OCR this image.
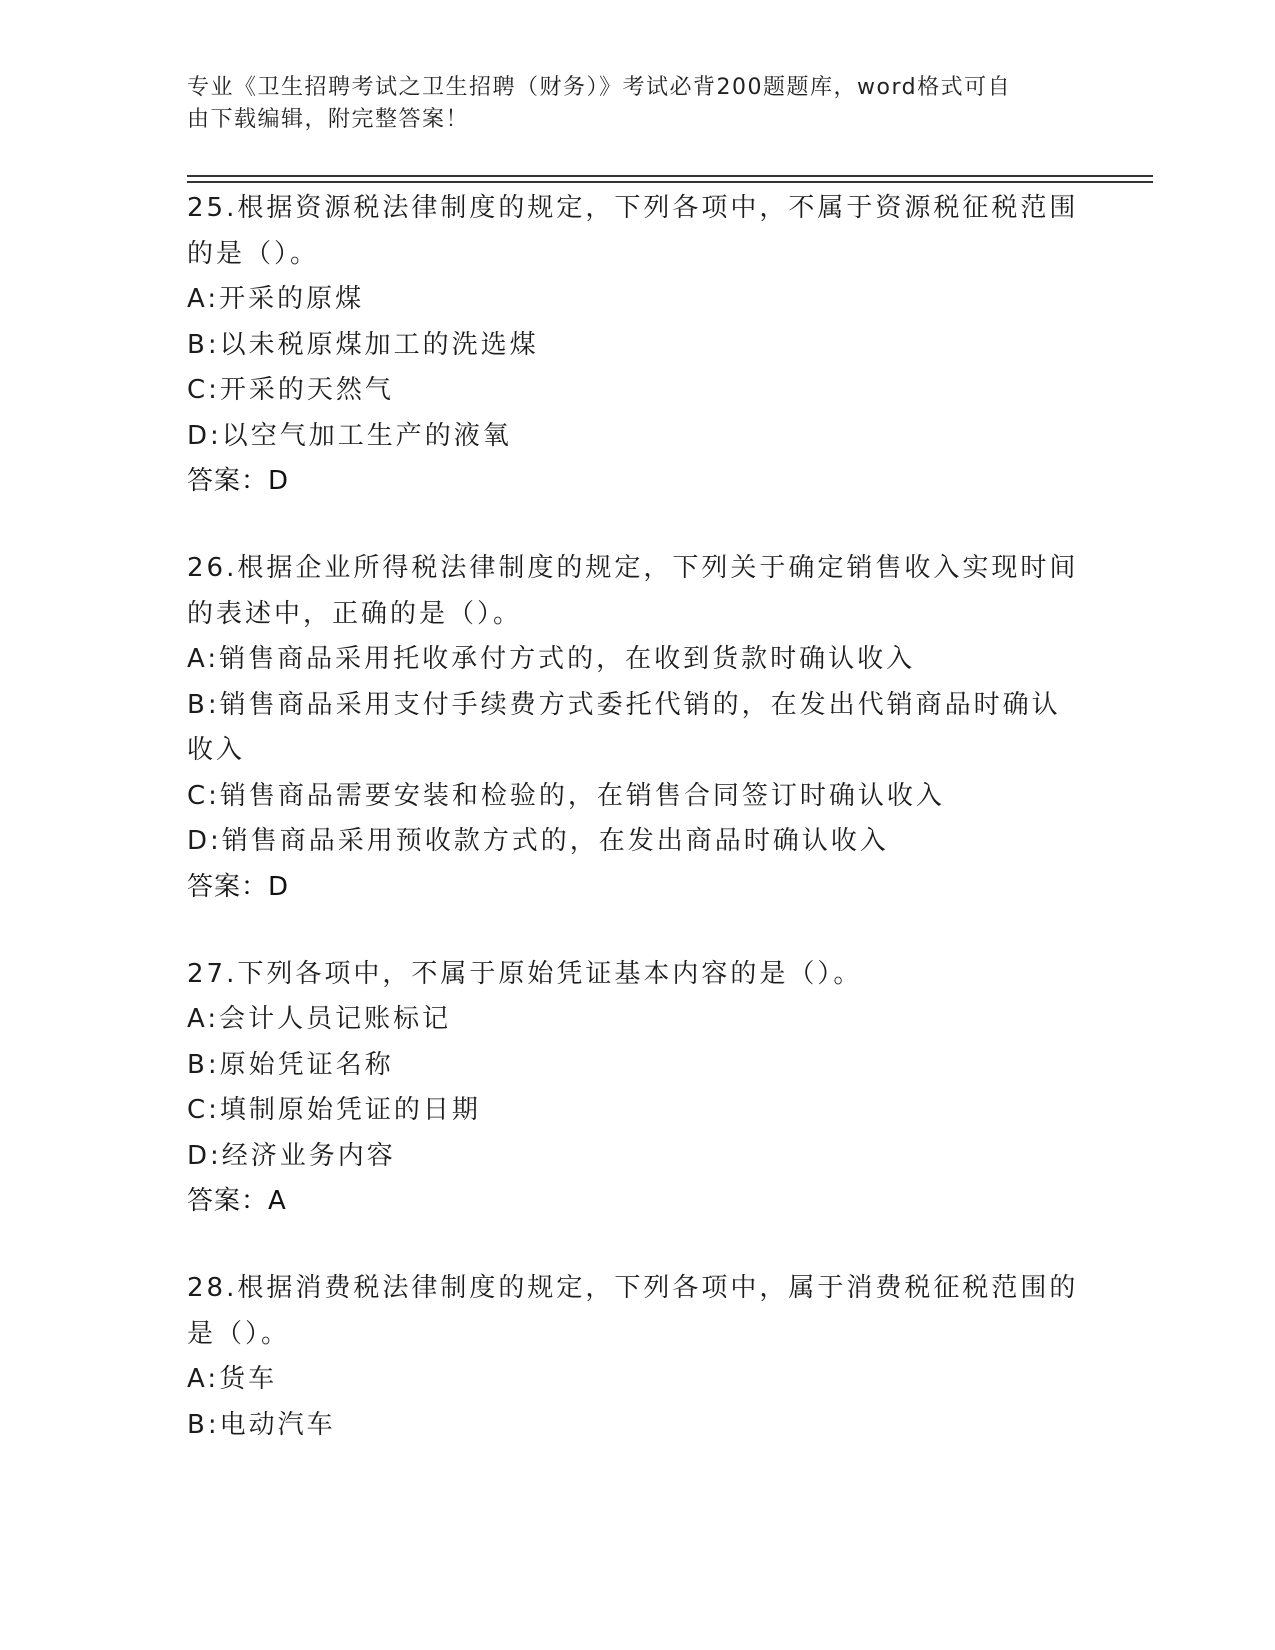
专业《卫生招聘考试之卫生招聘（财务）》考试必背200题题库，word格式可自
由下载编辑，附完整答案！

25.根据资源税法律制度的规定，下列各项中，不属于资源税征税范围

的是（）。

A:开采的原煤

B:以未税原煤加工的洗选煤

C:开采的天然气

D:以空气加工生产的液氧

答案：D

26.根据企业所得税法律制度的规定，下列关于确定销售收入实现时间

的表述中，正确的是（）。

A:销售商品采用托收承付方式的，在收到货款时确认收入

B:销售商品采用支付手续费方式委托代销的，在发出代销商品时确认

收入

C:销售商品需要安装和检验的，在销售合同签订时确认收入

D:销售商品采用预收款方式的，在发出商品时确认收入

答案：D

27.下列各项中，不属于原始凭证基本内容的是（）。

A:会计人员记账标记

B:原始凭证名称

C:填制原始凭证的日期

D:经济业务内容

答案：A

28.根据消费税法律制度的规定，下列各项中，属于消费税征税范围的

是（）。

A:货车

B:电动汽车
